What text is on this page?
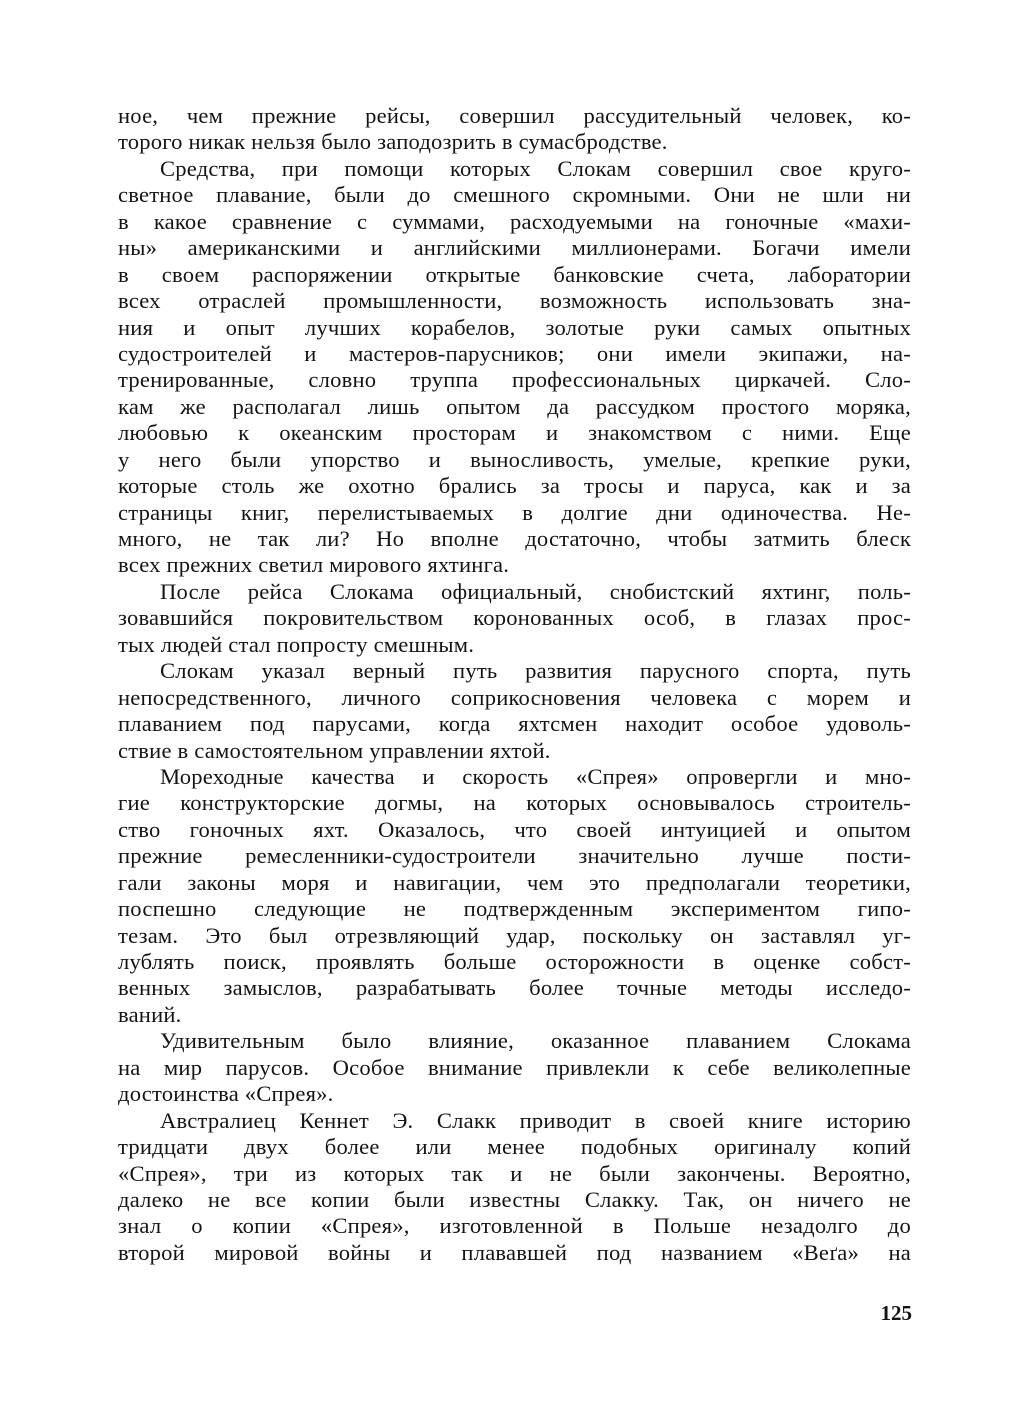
ное, чем прежние рейсы, совершил рассудительный человек, ко-
торого никак нельзя было заподозрить в сумасбродстве.
Средства, при помощи которых Слокам совершил свое круго-
светное плавание, были до смешного скромными. Они не шли ни
в какое сравнение с суммами, расходуемыми на гоночные «махи-
ны» американскими и английскими миллионерами. Богачи имели
в своем распоряжении открытые банковские счета, лаборатории
всех отраслей промышленности, возможность использовать зна-
ния и опыт лучших корабелов, золотые руки самых опытных
судостроителей и мастеров-парусников; они имели экипажи, на-
тренированные, словно труппа профессиональных циркачей. Сло-
кам же располагал лишь опытом да рассудком простого моряка,
любовью к океанским просторам и знакомством с ними. Еще
у него были упорство и выносливость, умелые, крепкие руки,
которые столь же охотно брались за тросы и паруса, как и за
страницы книг, перелистываемых в долгие дни одиночества. Не-
много, не так ли? Но вполне достаточно, чтобы затмить блеск
всех прежних светил мирового яхтинга.
После рейса Слокама официальный, снобистский яхтинг, поль-
зовавшийся покровительством коронованных особ, в глазах прос-
тых людей стал попросту смешным.
Слокам указал верный путь развития парусного спорта, путь
непосредственного, личного соприкосновения человека с морем и
плаванием под парусами, когда яхтсмен находит особое удоволь-
ствие в самостоятельном управлении яхтой.
Мореходные качества и скорость «Спрея» опровергли и мно-
гие конструкторские догмы, на которых основывалось строитель-
ство гоночных яхт. Оказалось, что своей интуицией и опытом
прежние ремесленники-судостроители значительно лучше пости-
гали законы моря и навигации, чем это предполагали теоретики,
поспешно следующие не подтвержденным экспериментом гипо-
тезам. Это был отрезвляющий удар, поскольку он заставлял уг-
лублять поиск, проявлять больше осторожности в оценке собст-
венных замыслов, разрабатывать более точные методы исследо-
ваний.
Удивительным было влияние, оказанное плаванием Слокама
на мир парусов. Особое внимание привлекли к себе великолепные
достоинства «Спрея».
Австралиец Кеннет Э. Слакк приводит в своей книге историю
тридцати двух более или менее подобных оригиналу копий
«Спрея», три из которых так и не были закончены. Вероятно,
далеко не все копии были известны Слакку. Так, он ничего не
знал о копии «Спрея», изготовленной в Польше незадолго до
второй мировой войны и плававшей под названием «Вeґa» на
125
